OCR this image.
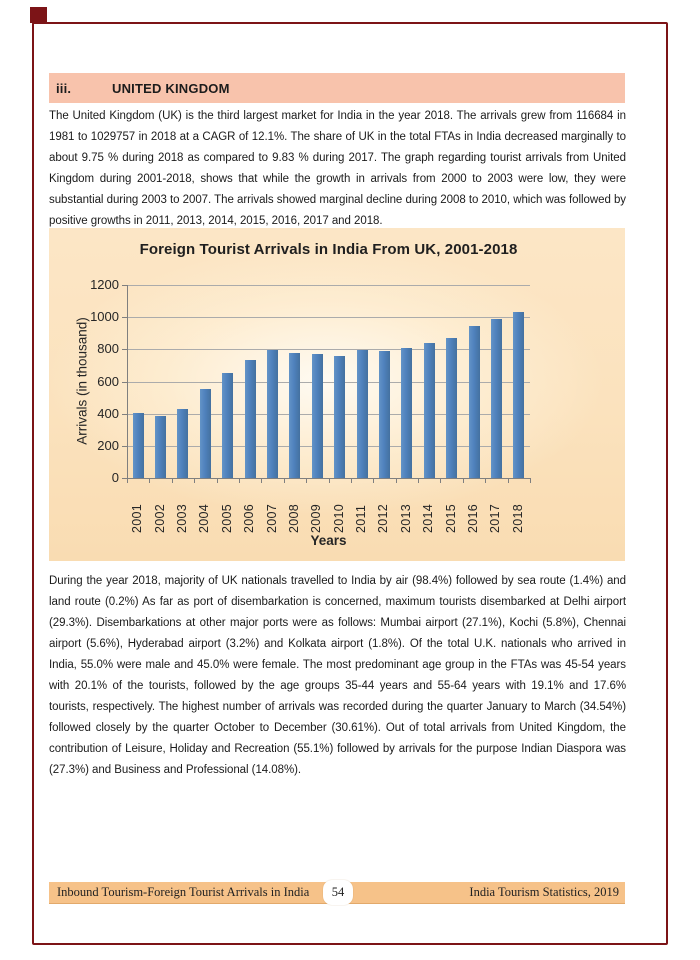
iii.	UNITED KINGDOM

The United Kingdom (UK) is the third largest market for India in the year 2018. The arrivals grew from 116684 in 1981 to 1029757 in 2018 at a CAGR of 12.1%. The share of UK in the total FTAs in India decreased marginally to about 9.75 % during 2018 as compared to 9.83 % during 2017. The graph regarding tourist arrivals from United Kingdom during 2001-2018, shows that while the growth in arrivals from 2000 to 2003 were low, they were substantial during 2003 to 2007. The arrivals showed marginal decline during 2008 to 2010, which was followed by positive growths in 2011, 2013, 2014, 2015, 2016, 2017 and 2018.

Foreign Tourist Arrivals in India From UK, 2001-2018
0
200
400
600
800
1000
1200
2001 2002 2003 2004 2005 2006 2007 2008 2009 2010 2011 2012 2013 2014 2015 2016 2017 2018
Arrivals (in thousand)
Years

During the year 2018, majority of UK nationals travelled to India by air (98.4%) followed by sea route (1.4%) and land route (0.2%) As far as port of disembarkation is concerned, maximum tourists disembarked at Delhi airport (29.3%). Disembarkations at other major ports were as follows: Mumbai airport (27.1%), Kochi (5.8%), Chennai airport (5.6%), Hyderabad airport (3.2%) and Kolkata airport (1.8%). Of the total U.K. nationals who arrived in India, 55.0% were male and 45.0% were female. The most predominant age group in the FTAs was 45-54 years with 20.1% of the tourists, followed by the age groups 35-44 years and 55-64 years with 19.1% and 17.6% tourists, respectively. The highest number of arrivals was recorded during the quarter January to March (34.54%) followed closely by the quarter October to December (30.61%). Out of total arrivals from United Kingdom, the contribution of Leisure, Holiday and Recreation (55.1%) followed by arrivals for the purpose Indian Diaspora was (27.3%) and Business and Professional (14.08%).

Inbound Tourism-Foreign Tourist Arrivals in India	54	India Tourism Statistics, 2019
